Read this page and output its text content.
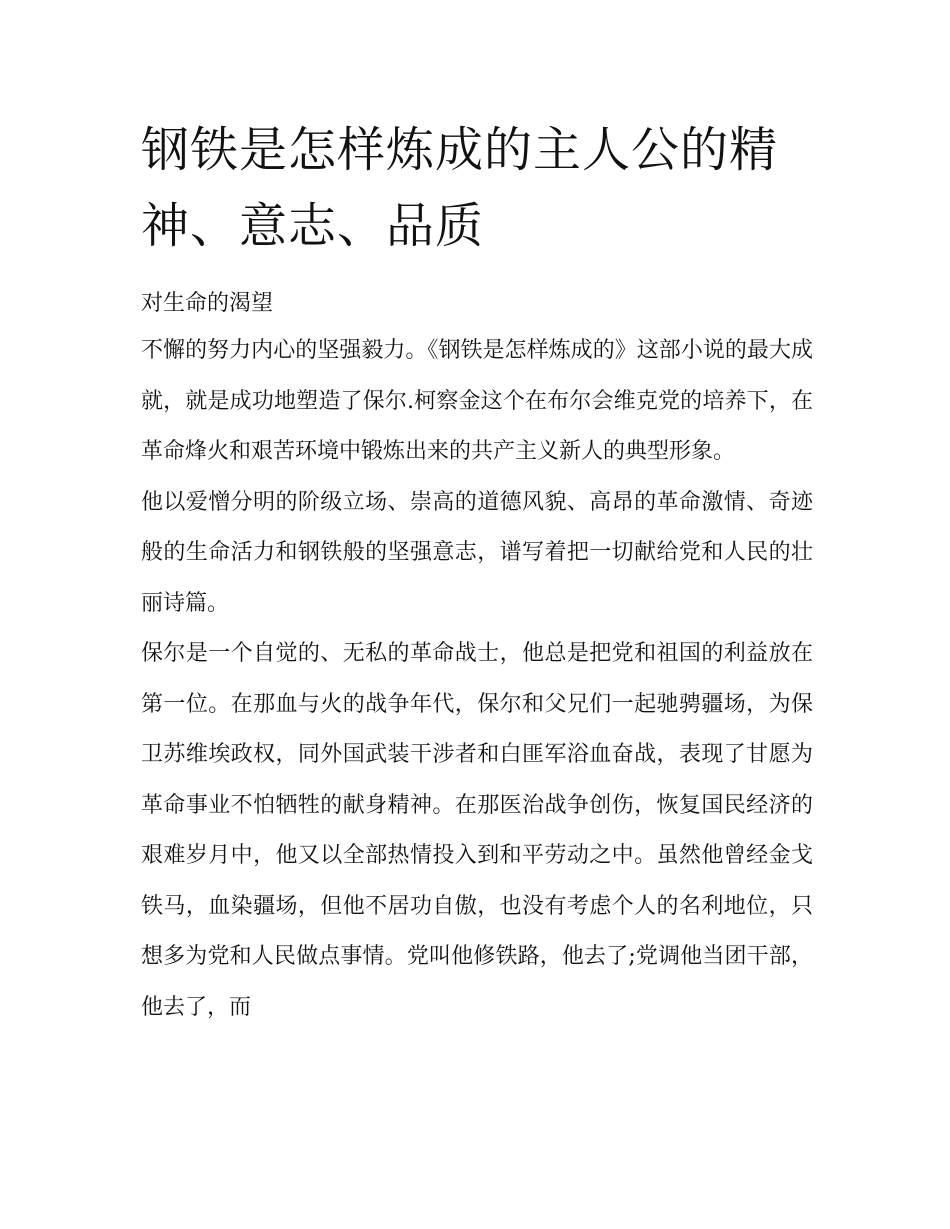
钢铁是怎样炼成的主人公的精神、意志、品质

对生命的渴望

不懈的努力内心的坚强毅力。《钢铁是怎样炼成的》这部小说的最大成就，就是成功地塑造了保尔.柯察金这个在布尔会维克党的培养下，在革命烽火和艰苦环境中锻炼出来的共产主义新人的典型形象。

他以爱憎分明的阶级立场、崇高的道德风貌、高昂的革命激情、奇迹般的生命活力和钢铁般的坚强意志，谱写着把一切献给党和人民的壮丽诗篇。

保尔是一个自觉的、无私的革命战士，他总是把党和祖国的利益放在第一位。在那血与火的战争年代，保尔和父兄们一起驰骋疆场，为保卫苏维埃政权，同外国武装干涉者和白匪军浴血奋战，表现了甘愿为革命事业不怕牺牲的献身精神。在那医治战争创伤，恢复国民经济的艰难岁月中，他又以全部热情投入到和平劳动之中。虽然他曾经金戈铁马，血染疆场，但他不居功自傲，也没有考虑个人的名利地位，只想多为党和人民做点事情。党叫他修铁路，他去了;党调他当团干部，他去了，而
